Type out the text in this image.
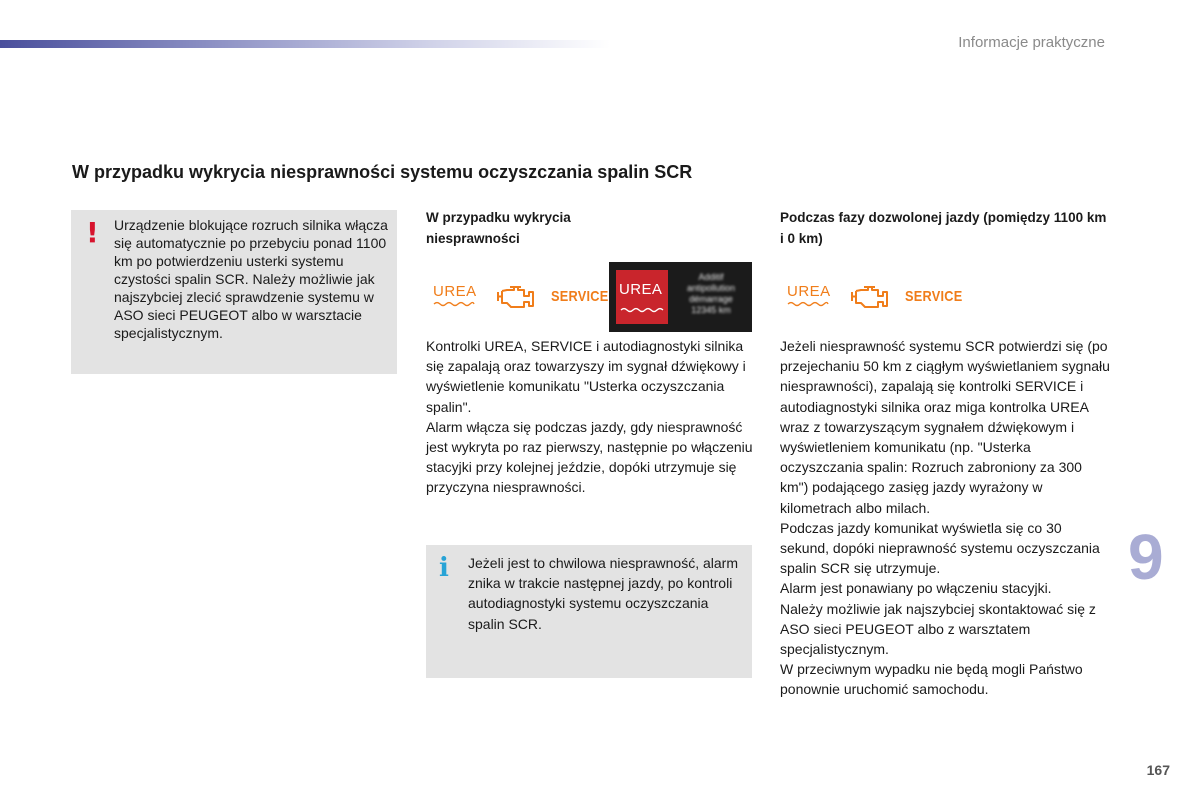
Informacje praktyczne
W przypadku wykrycia niesprawności systemu oczyszczania spalin SCR
! Urządzenie blokujące rozruch silnika włącza się automatycznie po przebyciu ponad 1100 km po potwierdzeniu usterki systemu czystości spalin SCR. Należy możliwie jak najszybciej zlecić sprawdzenie systemu w ASO sieci PEUGEOT albo w warsztacie specjalistycznym.
W przypadku wykrycia niesprawności
UREA	SERVICE UREA
Additif
antipollution
démarrage
12345 km
Kontrolki UREA, SERVICE i autodiagnostyki silnika się zapalają oraz towarzyszy im sygnał dźwiękowy i wyświetlenie komunikatu "Usterka oczyszczania spalin".
Alarm włącza się podczas jazdy, gdy niesprawność jest wykryta po raz pierwszy, następnie po włączeniu stacyjki przy kolejnej jeździe, dopóki utrzymuje się przyczyna niesprawności.
i Jeżeli jest to chwilowa niesprawność, alarm znika w trakcie następnej jazdy, po kontroli autodiagnostyki systemu oczyszczania spalin SCR.
Podczas fazy dozwolonej jazdy (pomiędzy 1100 km i 0 km)
UREA	SERVICE
Jeżeli niesprawność systemu SCR potwierdzi się (po przejechaniu 50 km z ciągłym wyświetlaniem sygnału niesprawności), zapalają się kontrolki SERVICE i autodiagnostyki silnika oraz miga kontrolka UREA wraz z towarzyszącym sygnałem dźwiękowym i wyświetleniem komunikatu (np. "Usterka oczyszczania spalin: Rozruch zabroniony za 300 km") podającego zasięg jazdy wyrażony w kilometrach albo milach.
Podczas jazdy komunikat wyświetla się co 30 sekund, dopóki nieprawność systemu oczyszczania spalin SCR się utrzymuje.
Alarm jest ponawiany po włączeniu stacyjki.
Należy możliwie jak najszybciej skontaktować się z ASO sieci PEUGEOT albo z warsztatem specjalistycznym.
W przeciwnym wypadku nie będą mogli Państwo ponownie uruchomić samochodu.
9
167
